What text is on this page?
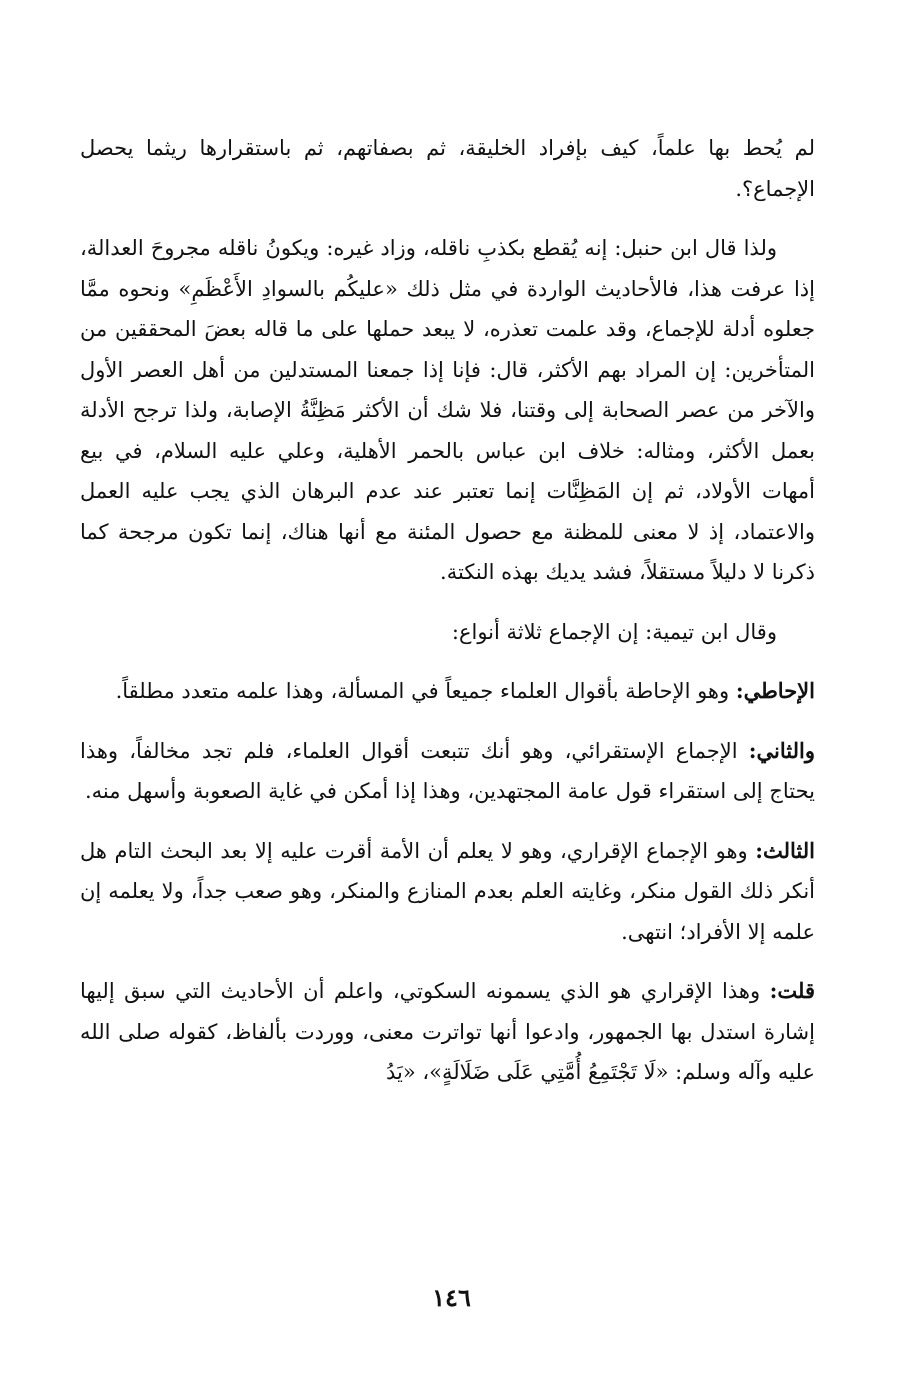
لم يُحط بها علماً، كيف بإفراد الخليقة، ثم بصفاتهم، ثم باستقرارها ريثما يحصل الإجماع؟.

ولذا قال ابن حنبل: إنه يُقطع بكذبِ ناقله، وزاد غيره: ويكونُ ناقله مجروحَ العدالة، إذا عرفت هذا، فالأحاديث الواردة في مثل ذلك «عليكُم بالسوادِ الأَعْظَمِ» ونحوه ممَّا جعلوه أدلة للإجماع، وقد علمت تعذره، لا يبعد حملها على ما قاله بعضَ المحققين من المتأخرين: إن المراد بهم الأكثر، قال: فإنا إذا جمعنا المستدلين من أهل العصر الأول والآخر من عصر الصحابة إلى وقتنا، فلا شك أن الأكثر مَظِنَّةُ الإصابة، ولذا ترجح الأدلة بعمل الأكثر، ومثاله: خلاف ابن عباس بالحمر الأهلية، وعلي عليه السلام، في بيع أمهات الأولاد، ثم إن المَظِنَّات إنما تعتبر عند عدم البرهان الذي يجب عليه العمل والاعتماد، إذ لا معنى للمظنة مع حصول المئنة مع أنها هناك، إنما تكون مرجحة كما ذكرنا لا دليلاً مستقلاً، فشد يديك بهذه النكتة.

وقال ابن تيمية: إن الإجماع ثلاثة أنواع:

الإحاطي: وهو الإحاطة بأقوال العلماء جميعاً في المسألة، وهذا علمه متعدد مطلقاً.

والثاني: الإجماع الإستقرائي، وهو أنك تتبعت أقوال العلماء، فلم تجد مخالفاً، وهذا يحتاج إلى استقراء قول عامة المجتهدين، وهذا إذا أمكن في غاية الصعوبة وأسهل منه.

الثالث: وهو الإجماع الإقراري، وهو لا يعلم أن الأمة أقرت عليه إلا بعد البحث التام هل أنكر ذلك القول منكر، وغايته العلم بعدم المنازع والمنكر، وهو صعب جداً، ولا يعلمه إن علمه إلا الأفراد؛ انتهى.

قلت: وهذا الإقراري هو الذي يسمونه السكوتي، واعلم أن الأحاديث التي سبق إليها إشارة استدل بها الجمهور، وادعوا أنها تواترت معنى، ووردت بألفاظ، كقوله صلى الله عليه وآله وسلم: «لَا تَجْتَمِعُ أُمَّتِي عَلَى ضَلَالَةٍ»، «يَدُ

١٤٦
